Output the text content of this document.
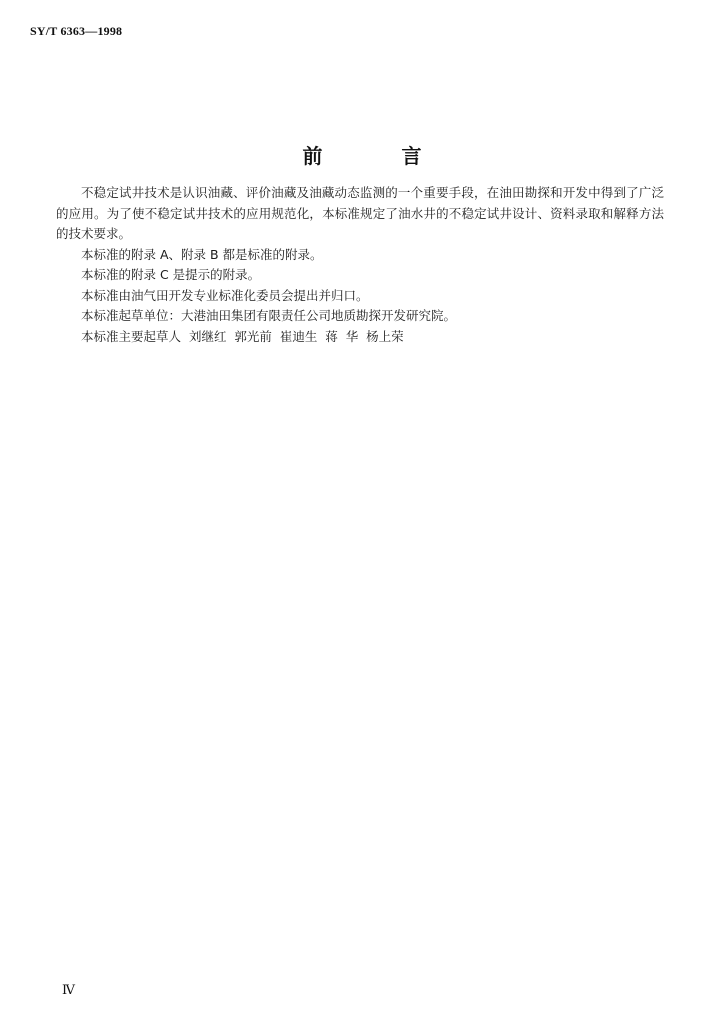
SY/T 6363—1998
前 言

不稳定试井技术是认识油藏、评价油藏及油藏动态监测的一个重要手段，在油田勘探和开发中得到了广泛的应用。为了使不稳定试井技术的应用规范化，本标准规定了油水井的不稳定试井设计、资料录取和解释方法的技术要求。

本标准的附录 A、附录 B 都是标准的附录。

本标准的附录 C 是提示的附录。

本标准由油气田开发专业标准化委员会提出并归口。

本标准起草单位：大港油田集团有限责任公司地质勘探开发研究院。

本标准主要起草人  刘继红  郭光前  崔迪生  蒋  华  杨上荣

Ⅳ
